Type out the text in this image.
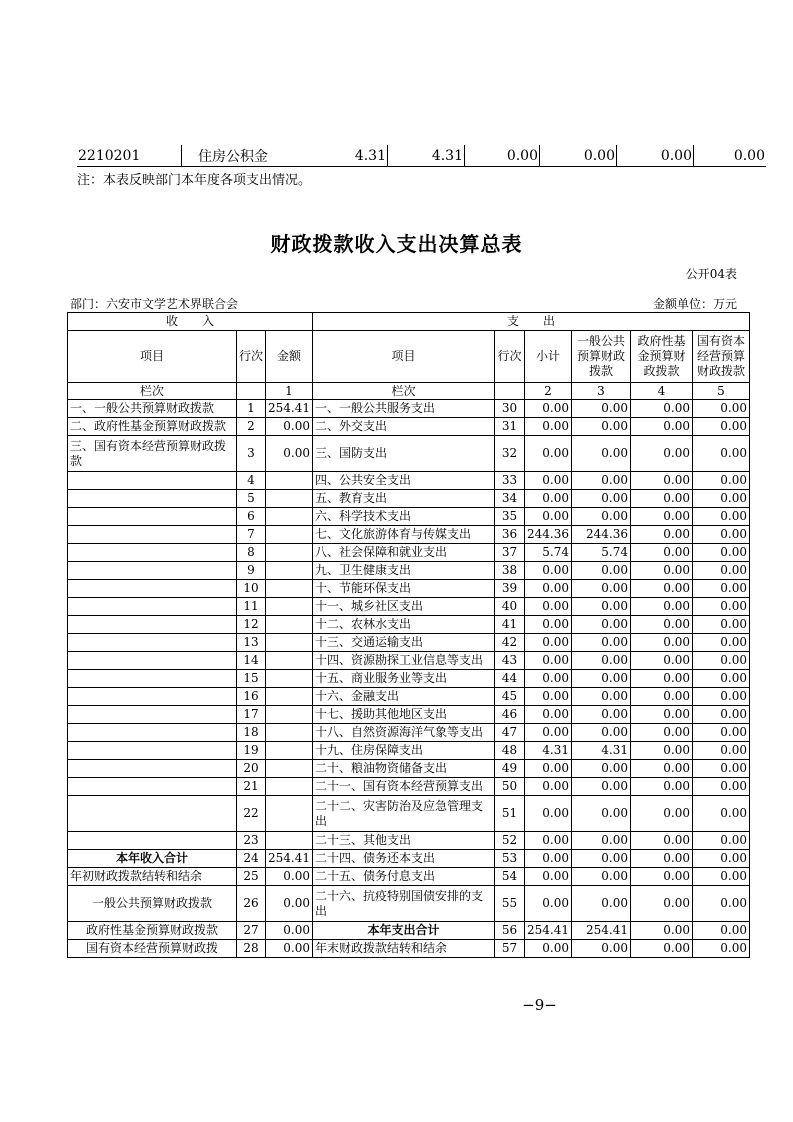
2210201	住房公积金	4.31	4.31	0.00	0.00	0.00	0.00
注：本表反映部门本年度各项支出情况。
财政拨款收入支出决算总表
公开04表
部门：六安市文学艺术界联合会	金额单位：万元
收　　入			支　　出					
项目	行次	金额	项目	行次	小计	一般公共预算财政拨款	政府性基金预算财政拨款	国有资本经营预算财政拨款
栏次		1	栏次		2	3	4	5
一、一般公共预算财政拨款	1	254.41	一、一般公共服务支出	30	0.00	0.00	0.00	0.00
二、政府性基金预算财政拨款	2	0.00	二、外交支出	31	0.00	0.00	0.00	0.00
三、国有资本经营预算财政拨款	3	0.00	三、国防支出	32	0.00	0.00	0.00	0.00
	4		四、公共安全支出	33	0.00	0.00	0.00	0.00
	5		五、教育支出	34	0.00	0.00	0.00	0.00
	6		六、科学技术支出	35	0.00	0.00	0.00	0.00
	7		七、文化旅游体育与传媒支出	36	244.36	244.36	0.00	0.00
	8		八、社会保障和就业支出	37	5.74	5.74	0.00	0.00
	9		九、卫生健康支出	38	0.00	0.00	0.00	0.00
	10		十、节能环保支出	39	0.00	0.00	0.00	0.00
	11		十一、城乡社区支出	40	0.00	0.00	0.00	0.00
	12		十二、农林水支出	41	0.00	0.00	0.00	0.00
	13		十三、交通运输支出	42	0.00	0.00	0.00	0.00
	14		十四、资源勘探工业信息等支出	43	0.00	0.00	0.00	0.00
	15		十五、商业服务业等支出	44	0.00	0.00	0.00	0.00
	16		十六、金融支出	45	0.00	0.00	0.00	0.00
	17		十七、援助其他地区支出	46	0.00	0.00	0.00	0.00
	18		十八、自然资源海洋气象等支出	47	0.00	0.00	0.00	0.00
	19		十九、住房保障支出	48	4.31	4.31	0.00	0.00
	20		二十、粮油物资储备支出	49	0.00	0.00	0.00	0.00
	21		二十一、国有资本经营预算支出	50	0.00	0.00	0.00	0.00
	22		二十二、灾害防治及应急管理支出	51	0.00	0.00	0.00	0.00
	23		二十三、其他支出	52	0.00	0.00	0.00	0.00
本年收入合计	24	254.41	二十四、债务还本支出	53	0.00	0.00	0.00	0.00
年初财政拨款结转和结余	25	0.00	二十五、债务付息支出	54	0.00	0.00	0.00	0.00
一般公共预算财政拨款	26	0.00	二十六、抗疫特别国债安排的支出	55	0.00	0.00	0.00	0.00
政府性基金预算财政拨款	27	0.00	本年支出合计	56	254.41	254.41	0.00	0.00
国有资本经营预算财政拨	28	0.00	年末财政拨款结转和结余	57	0.00	0.00	0.00	0.00
−9−
